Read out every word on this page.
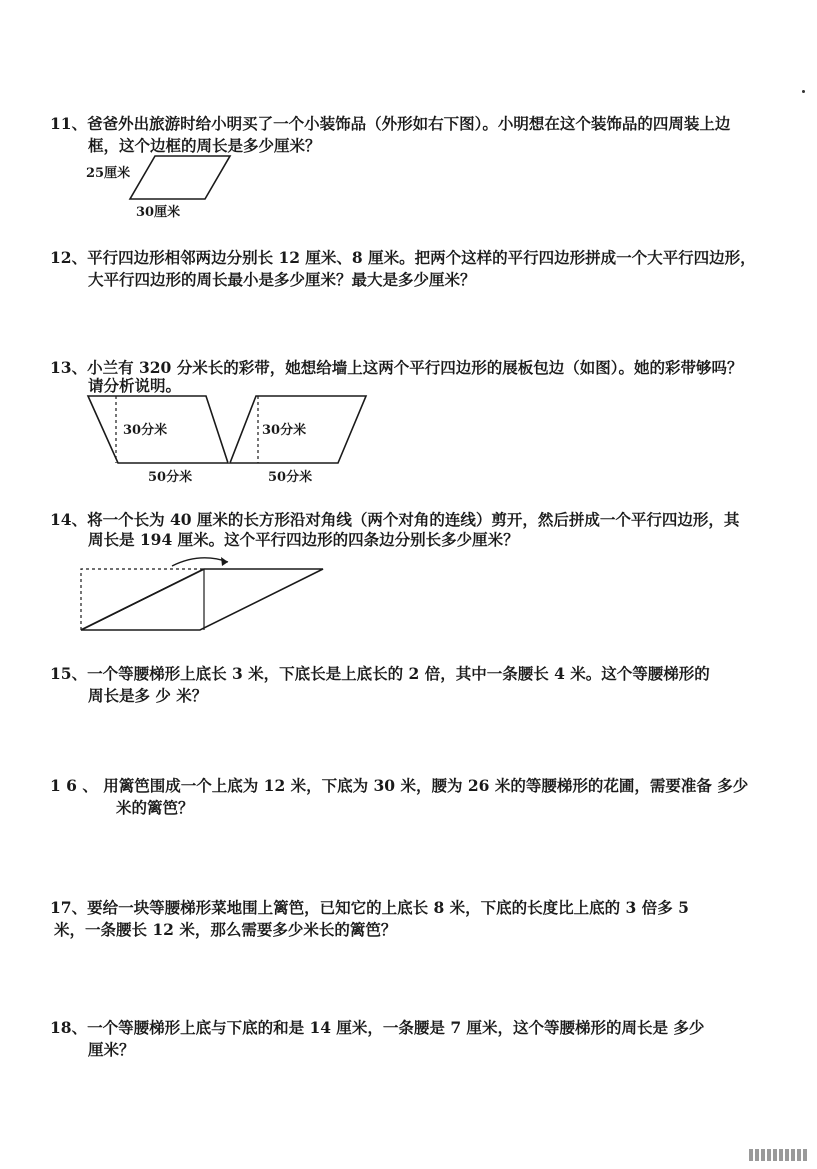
11、爸爸外出旅游时给小明买了一个小装饰品（外形如右下图）。小明想在这个装饰品的四周装上边
框，这个边框的周长是多少厘米？
25厘米
30厘米
12、平行四边形相邻两边分别长 12 厘米、8 厘米。把两个这样的平行四边形拼成一个大平行四边形，
大平行四边形的周长最小是多少厘米？最大是多少厘米？
13、小兰有 320 分米长的彩带，她想给墙上这两个平行四边形的展板包边（如图）。她的彩带够吗？
请分析说明。
30分米	30分米
50分米	50分米
14、将一个长为 40 厘米的长方形沿对角线（两个对角的连线）剪开，然后拼成一个平行四边形，其
周长是 194 厘米。这个平行四边形的四条边分别长多少厘米？
15、一个等腰梯形上底长 3 米，下底长是上底长的 2 倍，其中一条腰长 4 米。这个等腰梯形的
周长是多 少 米？
1 6 、 用篱笆围成一个上底为 12 米，下底为 30 米，腰为 26 米的等腰梯形的花圃，需要准备 多少
米的篱笆？
17、要给一块等腰梯形菜地围上篱笆，已知它的上底长 8 米，下底的长度比上底的 3 倍多 5
米，一条腰长 12 米，那么需要多少米长的篱笆？
18、一个等腰梯形上底与下底的和是 14 厘米，一条腰是 7 厘米，这个等腰梯形的周长是 多少
厘米？
